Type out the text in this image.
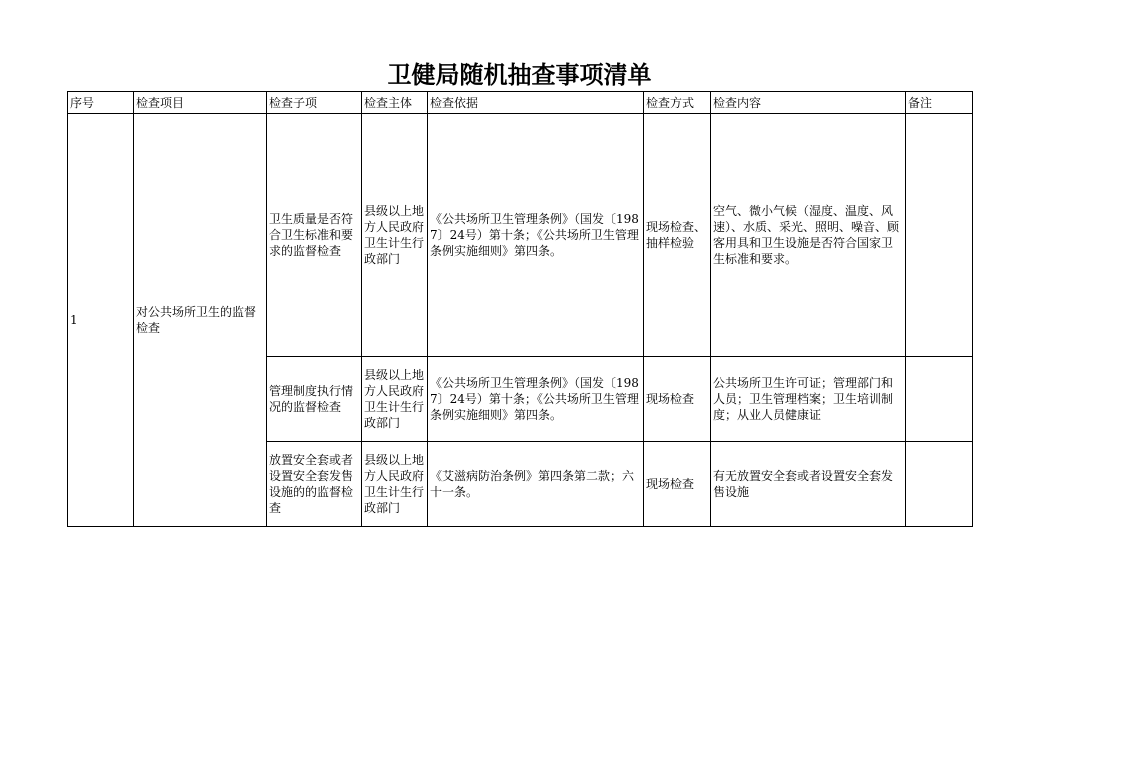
卫健局随机抽查事项清单
序号	检查项目	检查子项	检查主体	检查依据	检查方式	检查内容	备注
1	对公共场所卫生的监督检查	卫生质量是否符合卫生标准和要求的监督检查	县级以上地方人民政府卫生计生行政部门	《公共场所卫生管理条例》（国发〔1987〕24号）第十条；《公共场所卫生管理条例实施细则》第四条。	现场检查、抽样检验	空气、微小气候（湿度、温度、风速）、水质、采光、照明、噪音、顾客用具和卫生设施是否符合国家卫生标准和要求。	
		管理制度执行情况的监督检查	县级以上地方人民政府卫生计生行政部门	《公共场所卫生管理条例》（国发〔1987〕24号）第十条；《公共场所卫生管理条例实施细则》第四条。	现场检查	公共场所卫生许可证；管理部门和人员；卫生管理档案；卫生培训制度；从业人员健康证	
		放置安全套或者设置安全套发售设施的的监督检查	县级以上地方人民政府卫生计生行政部门	《艾滋病防治条例》第四条第二款；六十一条。	现场检查	有无放置安全套或者设置安全套发售设施	
